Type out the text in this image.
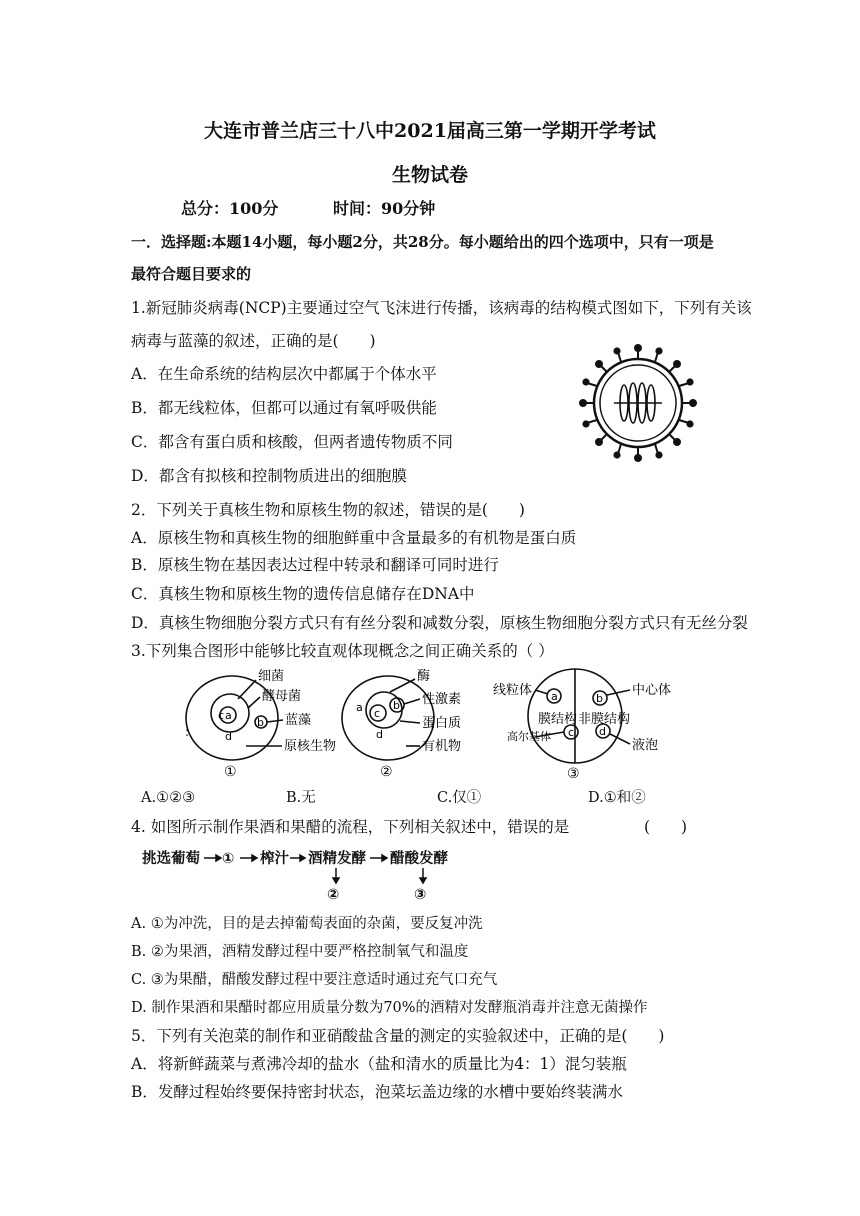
大连市普兰店三十八中2021届高三第一学期开学考试
生物试卷
总分：100分	时间：90分钟
一．选择题:本题14小题，每小题2分，共28分。每小题给出的四个选项中，只有一项是
最符合题目要求的
1.新冠肺炎病毒(NCP)主要通过空气飞沫进行传播，该病毒的结构模式图如下，下列有关该
病毒与蓝藻的叙述，正确的是(　　)
A．在生命系统的结构层次中都属于个体水平
B．都无线粒体，但都可以通过有氧呼吸供能
C．都含有蛋白质和核酸，但两者遗传物质不同
D．都含有拟核和控制物质进出的细胞膜
2．下列关于真核生物和原核生物的叙述，错误的是(　　)
A．原核生物和真核生物的细胞鲜重中含量最多的有机物是蛋白质
B．原核生物在基因表达过程中转录和翻译可同时进行
C．真核生物和原核生物的遗传信息储存在DNA中
D．真核生物细胞分裂方式只有有丝分裂和减数分裂，原核生物细胞分裂方式只有无丝分裂
3.下列集合图形中能够比较直观体现概念之间正确关系的（ ）
细菌
酵母菌
蓝藻
原核生物
c a
b
d
①
:
酶
性激素
蛋白质
有机物
a	b
c
d
②
线粒体	中心体
膜结构 非膜结构
高尔基体
液泡
a	b
c d
③
A.①②③	B.无	C.仅①	D.①和②
4. 如图所示制作果酒和果醋的流程，下列相关叙述中，错误的是	(　　)
挑选葡萄 ① 榨汁 酒精发酵 醋酸发酵
②	③
A. ①为冲洗，目的是去掉葡萄表面的杂菌，要反复冲洗
B. ②为果酒，酒精发酵过程中要严格控制氧气和温度
C. ③为果醋，醋酸发酵过程中要注意适时通过充气口充气
D. 制作果酒和果醋时都应用质量分数为70%的酒精对发酵瓶消毒并注意无菌操作
5．下列有关泡菜的制作和亚硝酸盐含量的测定的实验叙述中，正确的是(　　)
A．将新鲜蔬菜与煮沸冷却的盐水（盐和清水的质量比为4：1）混匀装瓶
B．发酵过程始终要保持密封状态，泡菜坛盖边缘的水槽中要始终装满水
